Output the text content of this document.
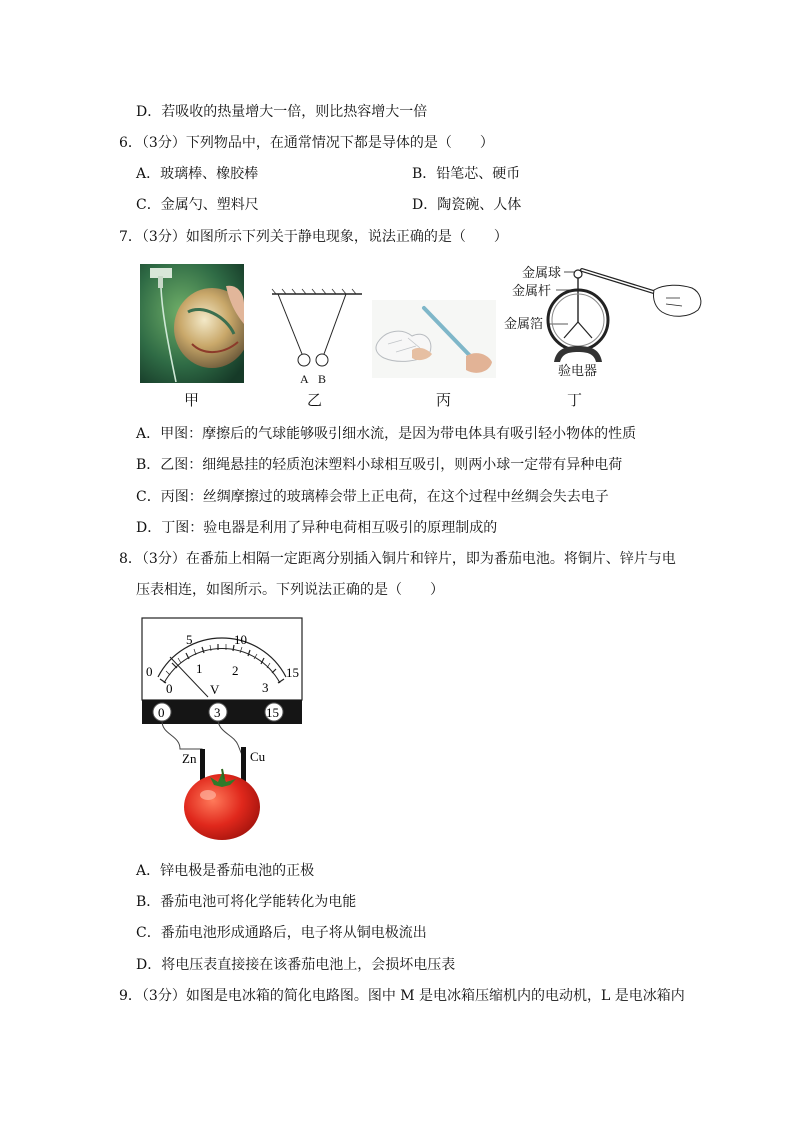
D．若吸收的热量增大一倍，则比热容增大一倍
6．（3分）下列物品中，在通常情况下都是导体的是（　　）
A．玻璃棒、橡胶棒	B．铅笔芯、硬币
C．金属勺、塑料尺	D．陶瓷碗、人体
7．（3分）如图所示下列关于静电现象，说法正确的是（　　）
甲
A B
乙	丙
金属球
金属杆
金属箔
验电器
丁
A．甲图：摩擦后的气球能够吸引细水流，是因为带电体具有吸引轻小物体的性质
B．乙图：细绳悬挂的轻质泡沫塑料小球相互吸引，则两小球一定带有异种电荷
C．丙图：丝绸摩擦过的玻璃棒会带上正电荷，在这个过程中丝绸会失去电子
D．丁图：验电器是利用了异种电荷相互吸引的原理制成的
8．（3分）在番茄上相隔一定距离分别插入铜片和锌片，即为番茄电池。将铜片、锌片与电
压表相连，如图所示。下列说法正确的是（　　）
0
5	10
15
0
1 2
3
V
0	3	15
Zn	Cu
A．锌电极是番茄电池的正极
B．番茄电池可将化学能转化为电能
C．番茄电池形成通路后，电子将从铜电极流出
D．将电压表直接接在该番茄电池上，会损坏电压表
9．（3分）如图是电冰箱的简化电路图。图中 M 是电冰箱压缩机内的电动机，L 是电冰箱内
